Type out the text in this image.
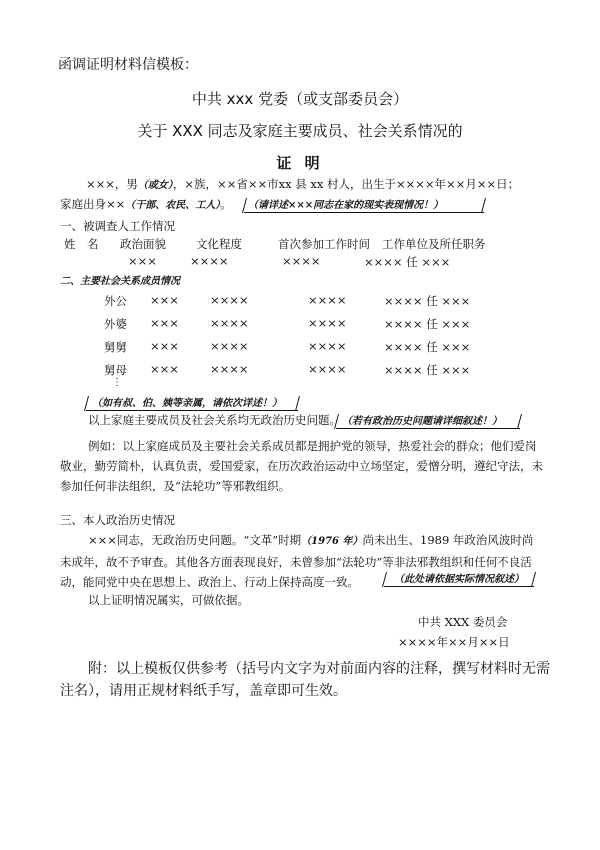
函调证明材料信模板：
中共 xxx 党委（或支部委员会）
关于 XXX 同志及家庭主要成员、社会关系情况的
证 明
×××，男（或女），×族，××省××市xx 县 xx 村人，出生于××××年××月××日；
家庭出身××（干部、农民、工人）。 （请详述×××同志在家的现实表现情况！）
一、被调查人工作情况
姓　名 政治面貌	文化程度	首次参加工作时间 工作单位及所任职务
×××	××××	××××	×××× 任 ×××
二、主要社会关系成员情况
外公 ×××	××××	××××	×××× 任 ×××
外婆 ×××	××××	××××	×××× 任 ×××
舅舅 ×××	××××	××××	×××× 任 ×××
舅母 ×××	××××	××××	×××× 任 ×××
⋮
（如有叔、伯、姨等亲属，请依次详述！）
以上家庭主要成员及社会关系均无政治历史问题。 （若有政治历史问题请详细叙述！）
例如：以上家庭成员及主要社会关系成员都是拥护党的领导，热爱社会的群众；他们爱岗敬业，勤劳简朴，认真负责，爱国爱家，在历次政治运动中立场坚定，爱憎分明，遵纪守法，未参加任何非法组织，及“法轮功”等邪教组织。
三、本人政治历史情况
×××同志，无政治历史问题。“文革”时期（1976 年）尚未出生、1989 年政治风波时尚未成年，故不予审查。其他各方面表现良好，未曾参加“法轮功”等非法邪教组织和任何不良活动，能同党中央在思想上、政治上、行动上保持高度一致。	（此处请依据实际情况叙述）
以上证明情况属实，可做依据。
中共 XXX 委员会
××××年××月××日
附：以上模板仅供参考（括号内文字为对前面内容的注释，撰写材料时无需注名），请用正规材料纸手写，盖章即可生效。
